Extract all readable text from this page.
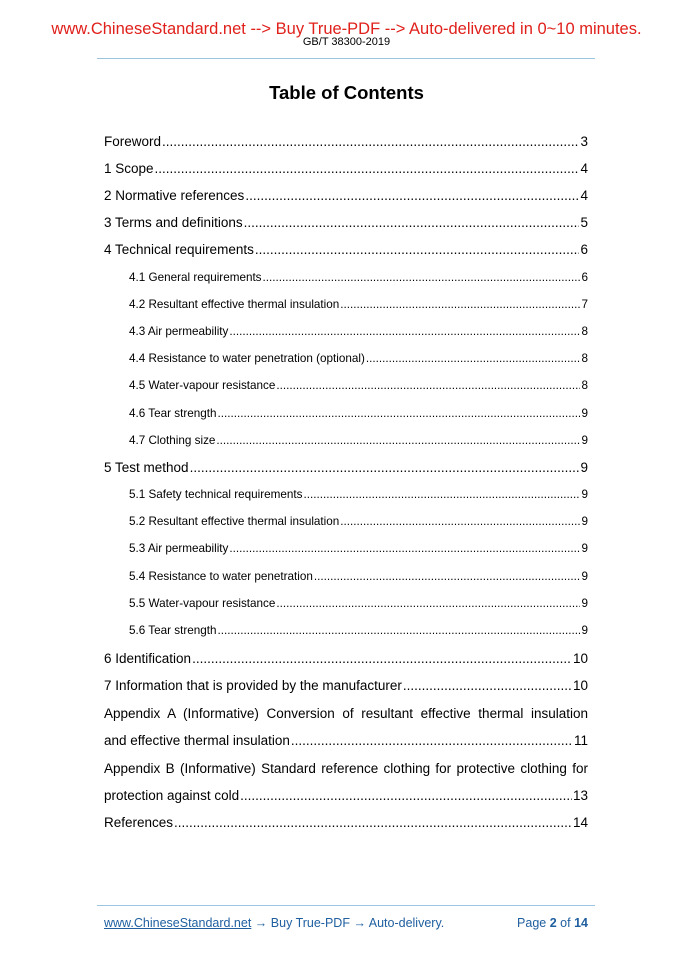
www.ChineseStandard.net --> Buy True-PDF --> Auto-delivered in 0~10 minutes.
GB/T 38300-2019
Table of Contents
Foreword .....	3
1 Scope .....	4
2 Normative references .....	4
3 Terms and definitions .....	5
4 Technical requirements .....	6
4.1 General requirements .....	6
4.2 Resultant effective thermal insulation .....	7
4.3 Air permeability .....	8
4.4 Resistance to water penetration (optional) .....	8
4.5 Water-vapour resistance .....	8
4.6 Tear strength .....	9
4.7 Clothing size .....	9
5 Test method .....	9
5.1 Safety technical requirements .....	9
5.2 Resultant effective thermal insulation .....	9
5.3 Air permeability .....	9
5.4 Resistance to water penetration .....	9
5.5 Water-vapour resistance .....	9
5.6 Tear strength .....	9
6 Identification .....	10
7 Information that is provided by the manufacturer .....	10
Appendix A (Informative) Conversion of resultant effective thermal insulation
and effective thermal insulation .....	11
Appendix B (Informative) Standard reference clothing for protective clothing for
protection against cold .....	13
References .....	14
www.ChineseStandard.net → Buy True-PDF → Auto-delivery.	Page 2 of 14
